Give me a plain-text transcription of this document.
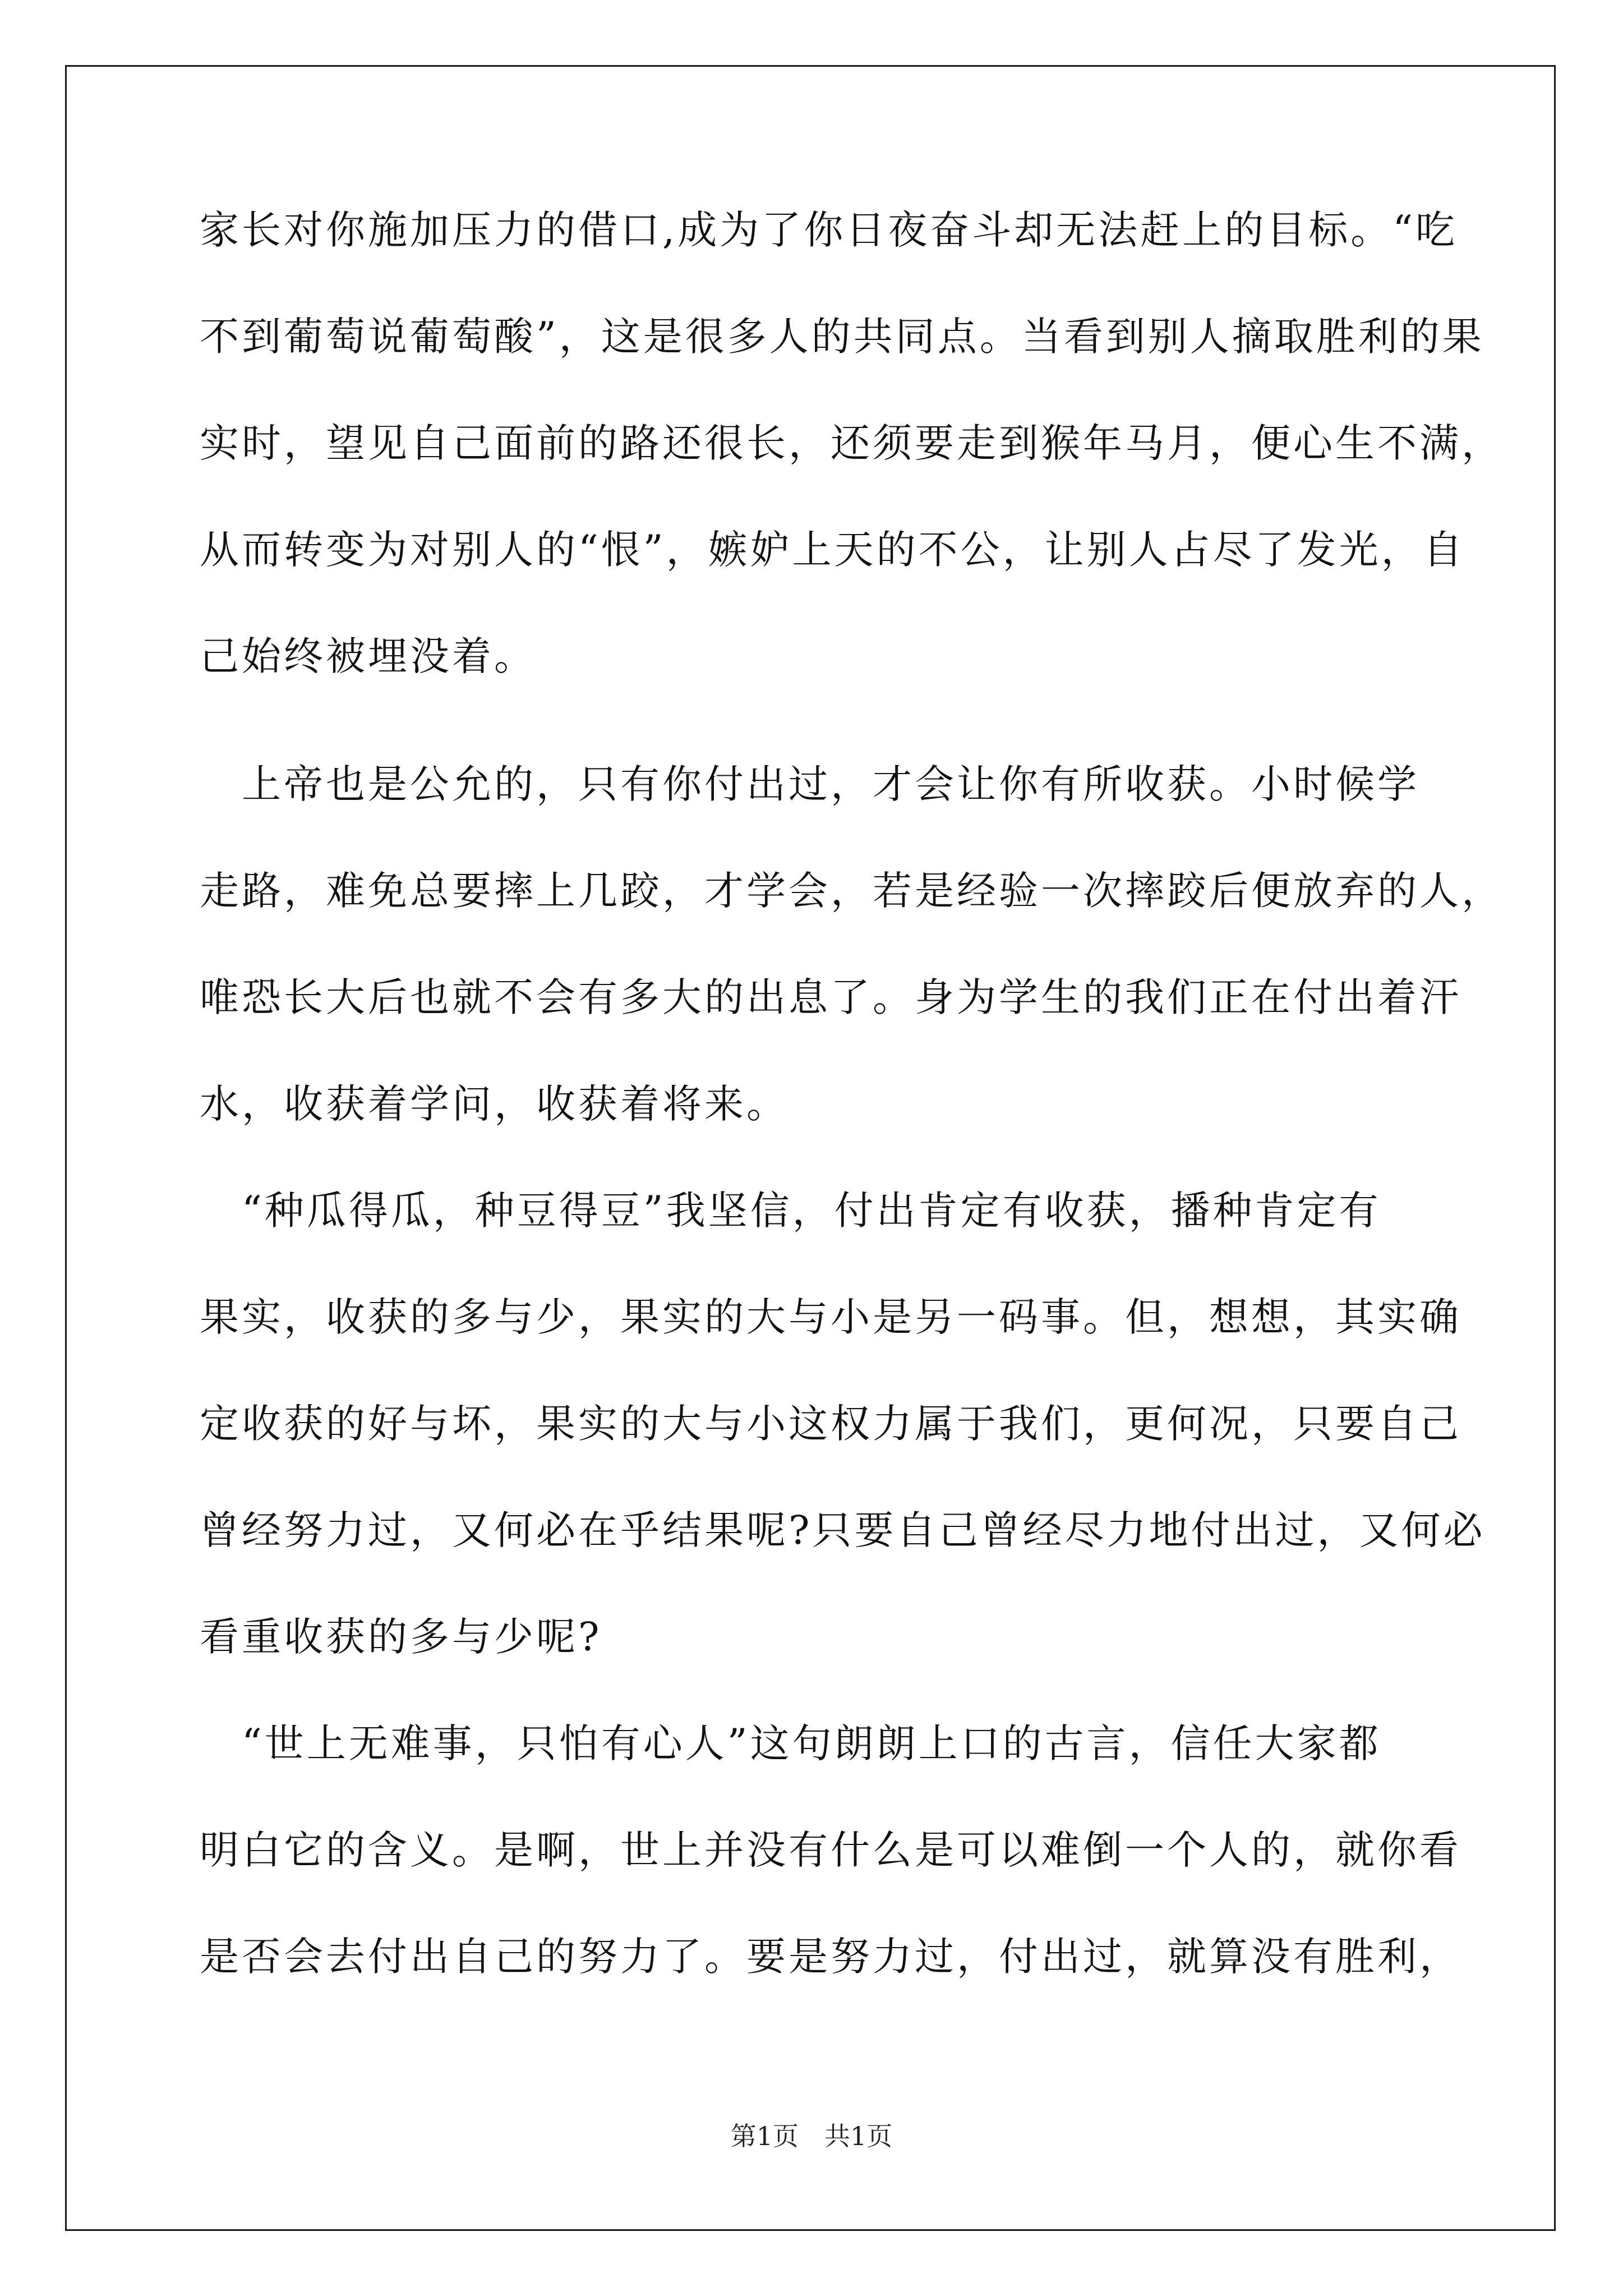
家长对你施加压力的借口,成为了你日夜奋斗却无法赶上的目标。“吃
不到葡萄说葡萄酸”，这是很多人的共同点。当看到别人摘取胜利的果
实时，望见自己面前的路还很长，还须要走到猴年马月，便心生不满，
从而转变为对别人的“恨”，嫉妒上天的不公，让别人占尽了发光，自
己始终被埋没着。
　上帝也是公允的，只有你付出过，才会让你有所收获。小时候学
走路，难免总要摔上几跤，才学会，若是经验一次摔跤后便放弃的人，
唯恐长大后也就不会有多大的出息了。身为学生的我们正在付出着汗
水，收获着学问，收获着将来。
　“种瓜得瓜，种豆得豆”我坚信，付出肯定有收获，播种肯定有
果实，收获的多与少，果实的大与小是另一码事。但，想想，其实确
定收获的好与坏，果实的大与小这权力属于我们，更何况，只要自己
曾经努力过，又何必在乎结果呢?只要自己曾经尽力地付出过，又何必
看重收获的多与少呢?
　“世上无难事，只怕有心人”这句朗朗上口的古言，信任大家都
明白它的含义。是啊，世上并没有什么是可以难倒一个人的，就你看
是否会去付出自己的努力了。要是努力过，付出过，就算没有胜利，
第1页　共1页
